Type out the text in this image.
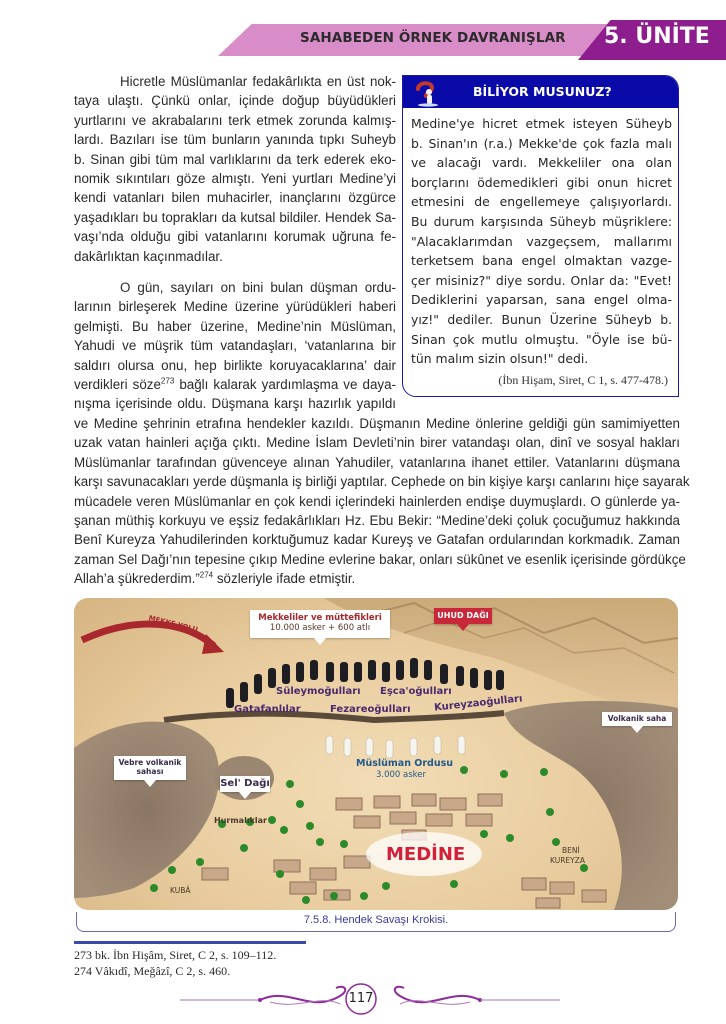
SAHABEDEN ÖRNEK DAVRANIŞLAR	5. ÜNİTE
Hicretle Müslümanlar fedakârlıkta en üst nok-
taya ulaştı. Çünkü onlar, içinde doğup büyüdükleri
yurtlarını ve akrabalarını terk etmek zorunda kalmış-
lardı. Bazıları ise tüm bunların yanında tıpkı Suheyb
b. Sinan gibi tüm mal varlıklarını da terk ederek eko-
nomik sıkıntıları göze almıştı. Yeni yurtları Medine’yi
kendi vatanları bilen muhacirler, inançlarını özgürce
yaşadıkları bu toprakları da kutsal bildiler. Hendek Sa-
vaşı’nda olduğu gibi vatanlarını korumak uğruna fe-
dakârlıktan kaçınmadılar.
O gün, sayıları on bini bulan düşman ordu-
larının birleşerek Medine üzerine yürüdükleri haberi
gelmişti. Bu haber üzerine, Medine’nin Müslüman,
Yahudi ve müşrik tüm vatandaşları, ‘vatanlarına bir
saldırı olursa onu, hep birlikte koruyacaklarına’ dair
verdikleri söze$^{273}$ bağlı kalarak yardımlaşma ve daya-
nışma içerisinde oldu. Düşmana karşı hazırlık yapıldı
ve Medine şehrinin etrafına hendekler kazıldı. Düşmanın Medine önlerine geldiği gün samimiyetten
uzak vatan hainleri açığa çıktı. Medine İslam Devleti’nin birer vatandaşı olan, dinî ve sosyal hakları
Müslümanlar tarafından güvenceye alınan Yahudiler, vatanlarına ihanet ettiler. Vatanlarını düşmana
karşı savunacakları yerde düşmanla iş birliği yaptılar. Cephede on bin kişiye karşı canlarını hiçe sayarak
mücadele veren Müslümanlar en çok kendi içlerindeki hainlerden endişe duymuşlardı. O günlerde ya-
şanan müthiş korkuyu ve eşsiz fedakârlıkları Hz. Ebu Bekir: “Medine’deki çoluk çocuğumuz hakkında
Benî Kureyza Yahudilerinden korktuğumuz kadar Kureyş ve Gatafan ordularından korkmadık. Zaman
zaman Sel Dağı’nın tepesine çıkıp Medine evlerine bakar, onları sükûnet ve esenlik içerisinde gördükçe
Allah’a şükrederdim.”$^{274}$ sözleriyle ifade etmiştir.
BİLİYOR MUSUNUZ?
Medine'ye hicret etmek isteyen Süheyb
b. Sinan'ın (r.a.) Mekke'de çok fazla malı
ve alacağı vardı. Mekkeliler ona olan
borçlarını ödemedikleri gibi onun hicret
etmesini de engellemeye çalışıyorlardı.
Bu durum karşısında Süheyb müşriklere:
"Alacaklarımdan vazgeçsem, mallarımı
terketsem bana engel olmaktan vazge-
çer misiniz?" diye sordu. Onlar da: "Evet!
Dediklerini yaparsan, sana engel olma-
yız!" dediler. Bunun Üzerine Süheyb b.
Sinan çok mutlu olmuştu. "Öyle ise bü-
tün malım sizin olsun!" dedi.
(İbn Hişam, Siret, C 1, s. 477-478.)
MEKKE YOLU	Mekkeliler ve müttefikleri
10.000 asker + 600 atlı
UHUD DAĞI
Süleymoğulları Eşca'oğulları
Gatafanlılar	Fezareoğulları Kureyzaoğulları
Volkanik saha
Vebre volkanik
sahası
Sel' Dağı
Müslüman Ordusu
3.000 asker
Hurmalıklar
MEDİNE	BENİ
KUREYZA
KUBÂ
7.5.8. Hendek Savaşı Krokisi.
273 bk. İbn Hişâm, Siret, C 2, s. 109–112.
274 Vâkıdî, Meğâzî, C 2, s. 460.
117
